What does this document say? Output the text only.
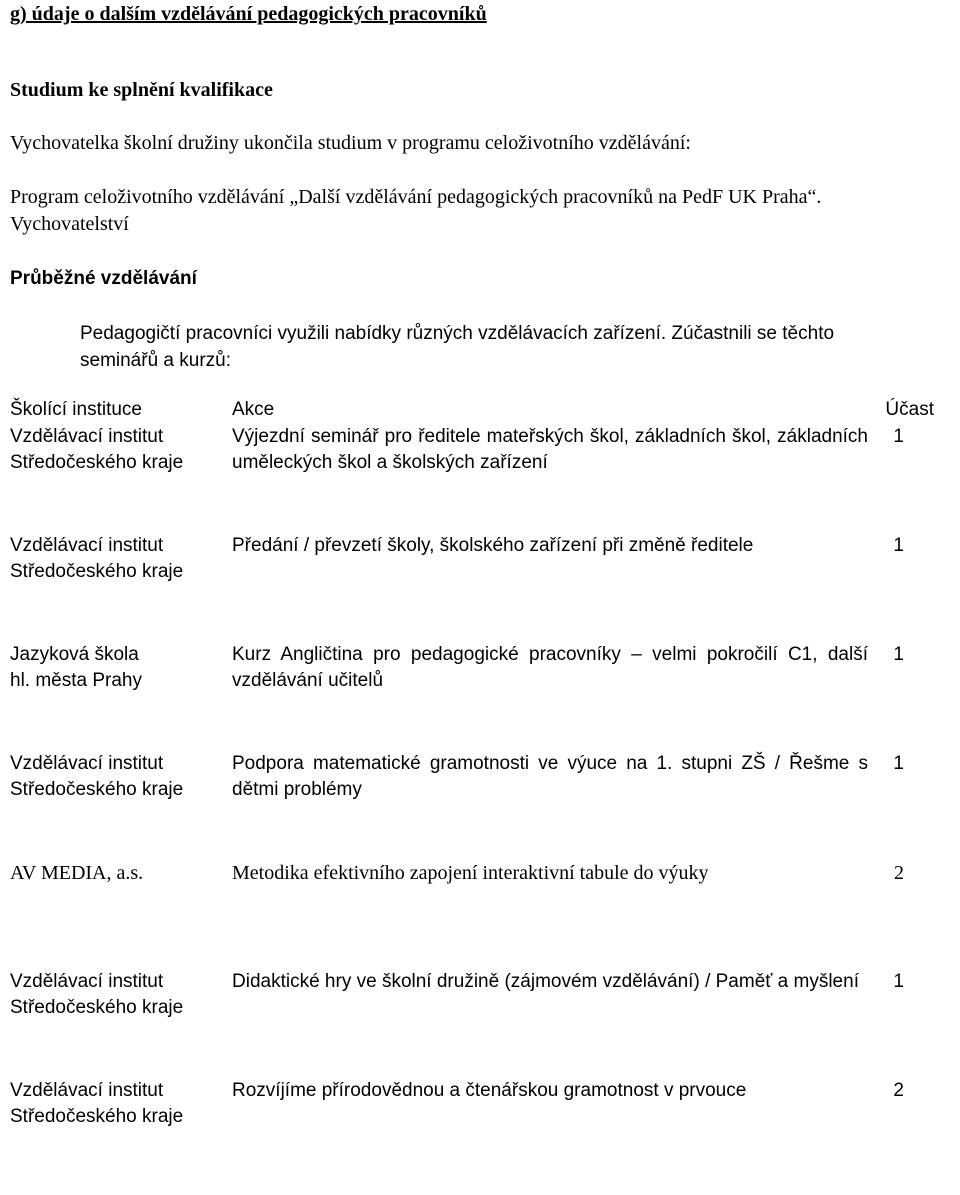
g) údaje o dalším vzdělávání pedagogických pracovníků
Studium ke splnění kvalifikace

Vychovatelka školní družiny ukončila studium v programu celoživotního vzdělávání:

Program celoživotního vzdělávání „Další vzdělávání pedagogických pracovníků na PedF UK Praha“.

Vychovatelství

Průběžné vzdělávání

Pedagogičtí pracovníci využili nabídky různých vzdělávacích zařízení. Zúčastnili se těchto
seminářů a kurzů:

Školící instituce	Akce	Účast

Vzdělávací institut
Středočeského kraje	Výjezdní seminář pro ředitele mateřských škol, základních škol, základních uměleckých škol a školských zařízení	1

Vzdělávací institut
Středočeského kraje	Předání / převzetí školy, školského zařízení při změně ředitele	1

Jazyková škola
hl. města Prahy	Kurz Angličtina pro pedagogické pracovníky – velmi pokročilí C1, další vzdělávání učitelů	1

Vzdělávací institut
Středočeského kraje	Podpora matematické gramotnosti ve výuce na 1. stupni ZŠ / Řešme s dětmi problémy	1

AV MEDIA, a.s.	Metodika efektivního zapojení interaktivní tabule do výuky	2

Vzdělávací institut
Středočeského kraje	Didaktické hry ve školní družině (zájmovém vzdělávání) / Paměť a myšlení	1

Vzdělávací institut
Středočeského kraje	Rozvíjíme přírodovědnou a čtenářskou gramotnost v prvouce	2
